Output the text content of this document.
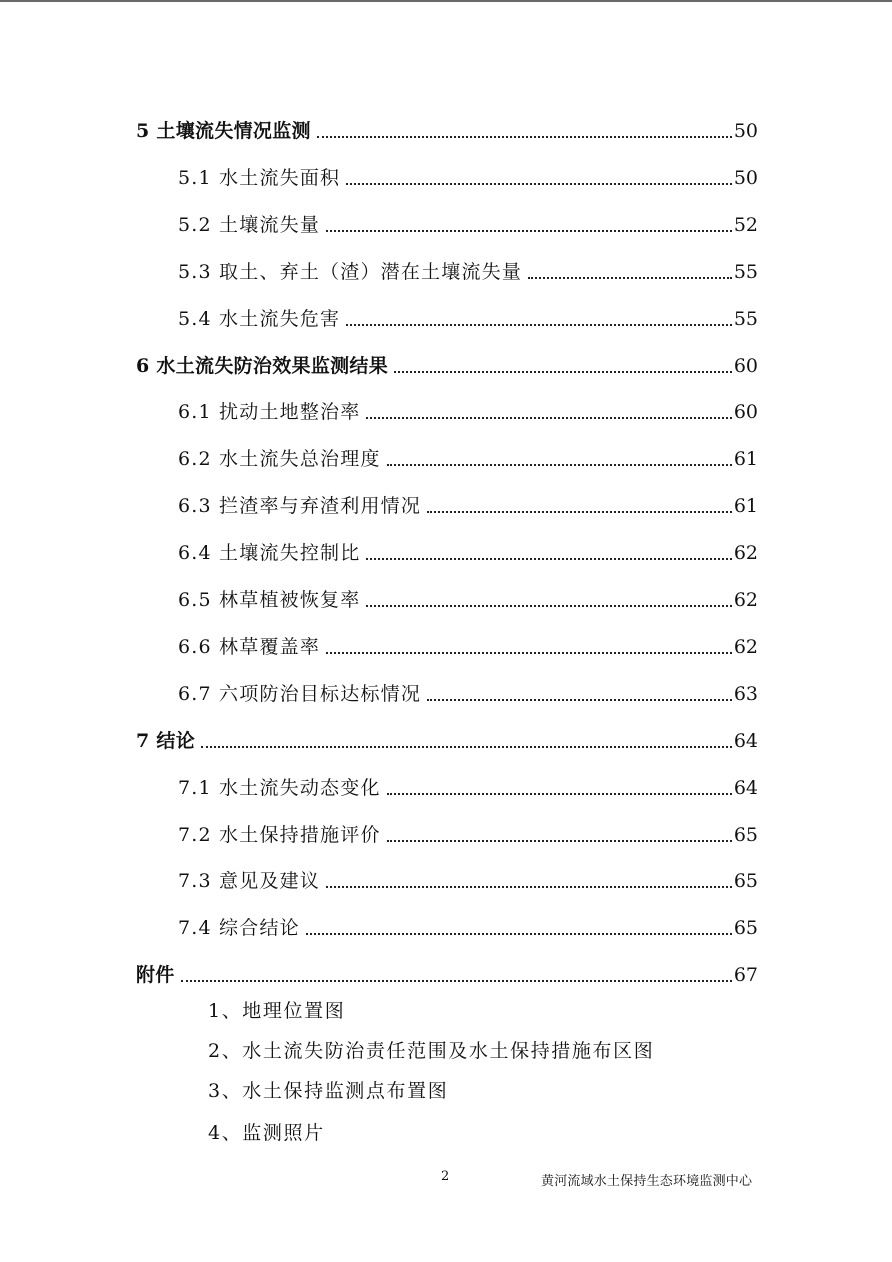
5 土壤流失情况监测	50
5.1 水土流失面积	50
5.2 土壤流失量	52
5.3 取土、弃土（渣）潜在土壤流失量	55
5.4 水土流失危害	55
6 水土流失防治效果监测结果	60
6.1 扰动土地整治率	60
6.2 水土流失总治理度	61
6.3 拦渣率与弃渣利用情况	61
6.4 土壤流失控制比	62
6.5 林草植被恢复率	62
6.6 林草覆盖率	62
6.7 六项防治目标达标情况	63
7 结论	64
7.1 水土流失动态变化	64
7.2 水土保持措施评价	65
7.3 意见及建议	65
7.4 综合结论	65
附件	67
1、地理位置图
2、水土流失防治责任范围及水土保持措施布区图
3、水土保持监测点布置图
4、监测照片
2	黄河流域水土保持生态环境监测中心
